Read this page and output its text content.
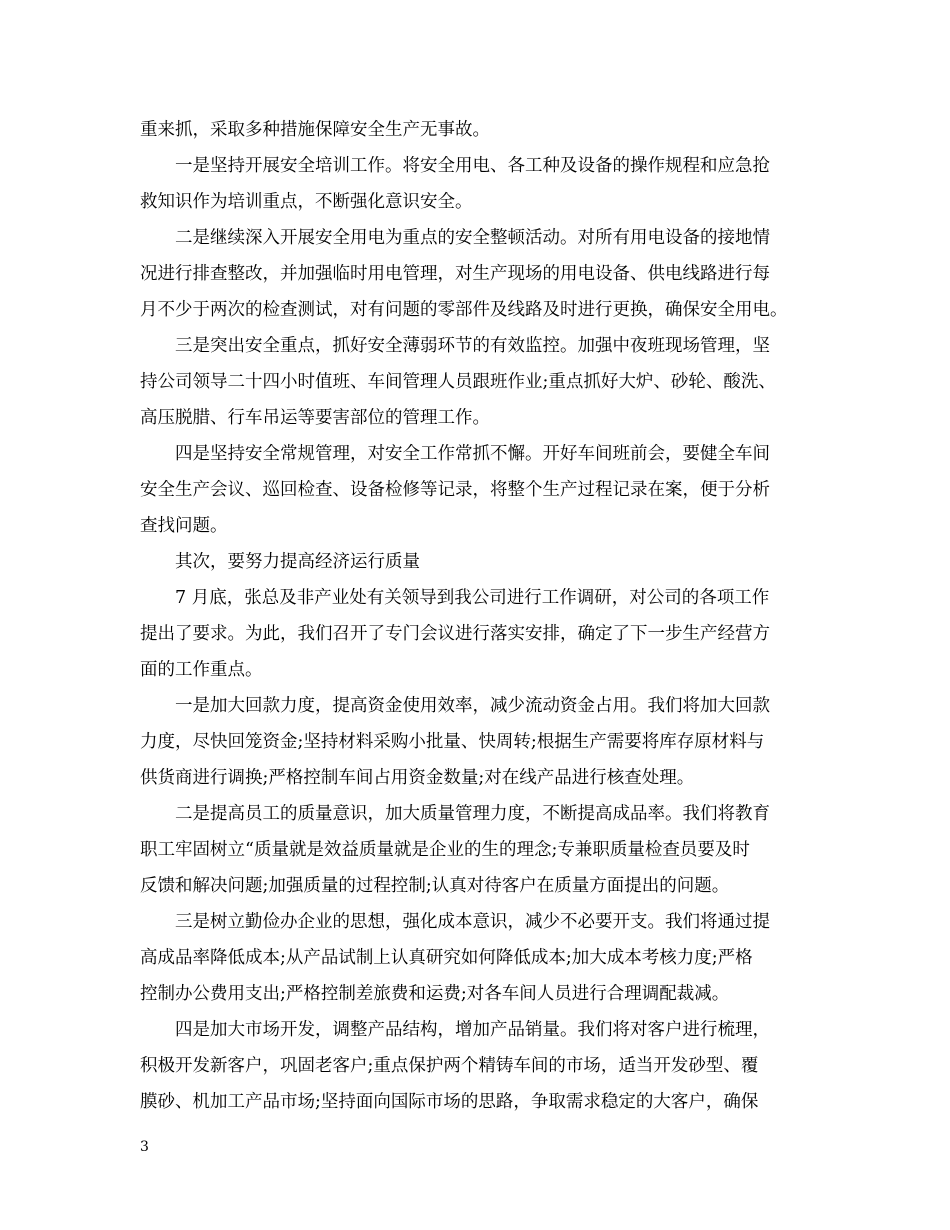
重来抓，采取多种措施保障安全生产无事故。
一是坚持开展安全培训工作。将安全用电、各工种及设备的操作规程和应急抢
救知识作为培训重点，不断强化意识安全。
二是继续深入开展安全用电为重点的安全整顿活动。对所有用电设备的接地情
况进行排查整改，并加强临时用电管理，对生产现场的用电设备、供电线路进行每
月不少于两次的检查测试，对有问题的零部件及线路及时进行更换，确保安全用电。
三是突出安全重点，抓好安全薄弱环节的有效监控。加强中夜班现场管理，坚
持公司领导二十四小时值班、车间管理人员跟班作业;重点抓好大炉、砂轮、酸洗、
高压脱腊、行车吊运等要害部位的管理工作。
四是坚持安全常规管理，对安全工作常抓不懈。开好车间班前会，要健全车间
安全生产会议、巡回检查、设备检修等记录，将整个生产过程记录在案，便于分析
查找问题。
其次，要努力提高经济运行质量
7 月底，张总及非产业处有关领导到我公司进行工作调研，对公司的各项工作
提出了要求。为此，我们召开了专门会议进行落实安排，确定了下一步生产经营方
面的工作重点。
一是加大回款力度，提高资金使用效率，减少流动资金占用。我们将加大回款
力度，尽快回笼资金;坚持材料采购小批量、快周转;根据生产需要将库存原材料与
供货商进行调换;严格控制车间占用资金数量;对在线产品进行核查处理。
二是提高员工的质量意识，加大质量管理力度，不断提高成品率。我们将教育
职工牢固树立“质量就是效益质量就是企业的生的理念;专兼职质量检查员要及时
反馈和解决问题;加强质量的过程控制;认真对待客户在质量方面提出的问题。
三是树立勤俭办企业的思想，强化成本意识，减少不必要开支。我们将通过提
高成品率降低成本;从产品试制上认真研究如何降低成本;加大成本考核力度;严格
控制办公费用支出;严格控制差旅费和运费;对各车间人员进行合理调配裁减。
四是加大市场开发，调整产品结构，增加产品销量。我们将对客户进行梳理，
积极开发新客户，巩固老客户;重点保护两个精铸车间的市场，适当开发砂型、覆
膜砂、机加工产品市场;坚持面向国际市场的思路，争取需求稳定的大客户，确保
3
